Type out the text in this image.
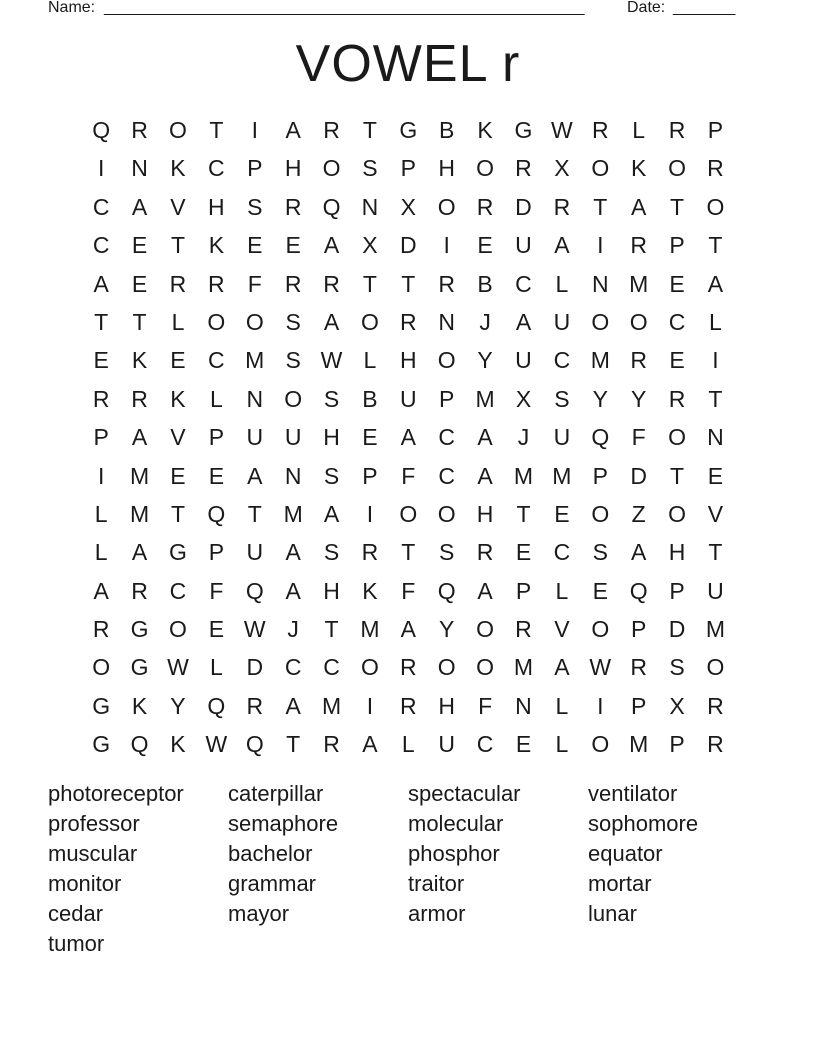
Name: ______________________________________________________	Date: _______
VOWEL r
Q R O T	I	A R	T G B	K G W R	L	R P
I	N K C P H O S	P H O R X O K O R
C A	V H S R Q N X O R D R	T	A	T O
C E	T	K	E	E	A	X D	I	E U A	I	R P	T
A	E R R	F	R R	T	T	R B C	L	N M E	A
T	T	L	O O S	A O R N	J	A U O O C	L
E	K	E C M S W L	H O Y U C M R E	I
R R K	L	N O S	B U P M X	S	Y	Y R	T
P	A	V	P U U H E	A C A	J	U Q F O N
I	M E	E	A N S	P	F	C A M M P D	T	E
L M T Q T M A	I	O O H	T	E O Z O V
L	A G P U A	S R	T	S R E C S	A H	T
A R C	F Q A H K	F Q A	P	L	E Q P U
R G O E W J	T M A	Y O R V O P D M
O G W L	D C C O R O O M A W R S O
G K	Y Q R A M	I	R H	F	N	L	I	P	X R
G Q K W Q T	R A	L	U C E	L	O M P R
photoreceptor	caterpillar	spectacular	ventilator
professor	semaphore	molecular	sophomore
muscular	bachelor	phosphor	equator
monitor	grammar	traitor	mortar
cedar	mayor	armor	lunar
tumor
